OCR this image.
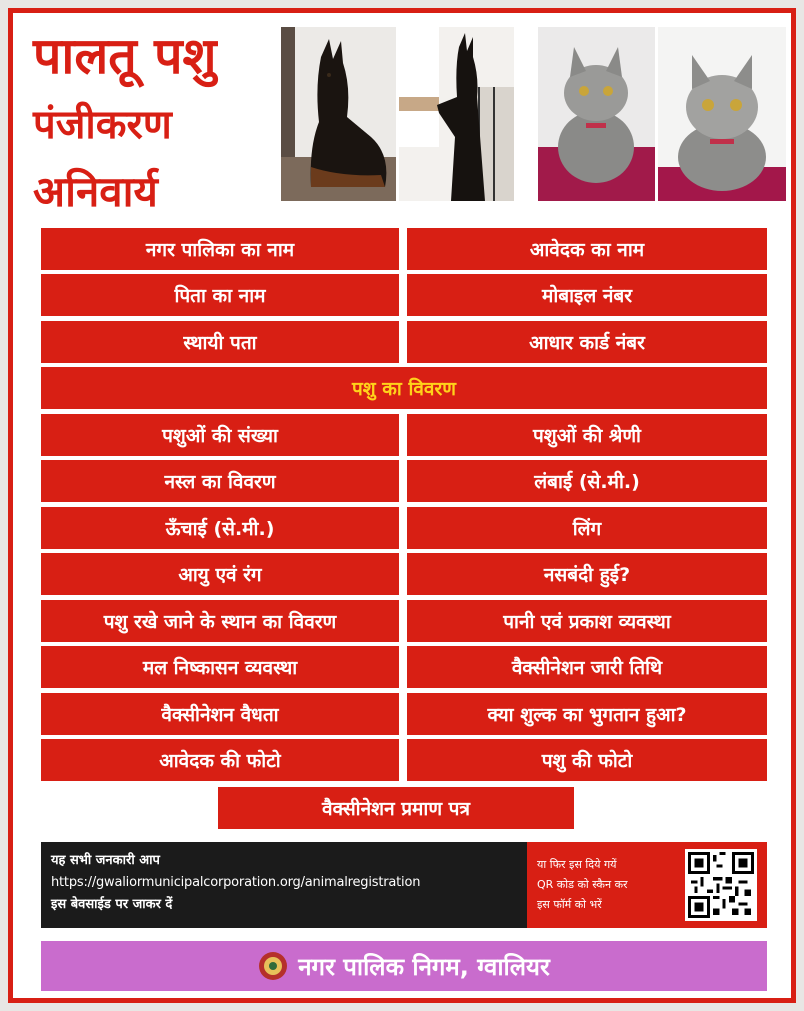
पालतू पशु
पंजीकरण
अनिवार्य
नगर पालिका का नाम	आवेदक का नाम
पिता का नाम	मोबाइल नंबर
स्थायी पता	आधार कार्ड नंबर
पशु का विवरण
पशुओं की संख्या	पशुओं की श्रेणी
नस्ल का विवरण	लंबाई (से.मी.)
ऊँचाई (से.मी.)	लिंग
आयु एवं रंग	नसबंदी हुई?
पशु रखे जाने के स्थान का विवरण	पानी एवं प्रकाश व्यवस्था
मल निष्कासन व्यवस्था	वैक्सीनेशन जारी तिथि
वैक्सीनेशन वैधता	क्या शुल्क का भुगतान हुआ?
आवेदक की फोटो	पशु की फोटो
वैक्सीनेशन प्रमाण पत्र
यह सभी जनकारी आप
https://gwaliormunicipalcorporation.org/animalregistration
इस बेवसाईड पर जाकर दें
या फिर इस दिये गयें
QR कोड को स्कैन कर
इस फॉर्म को भरें
नगर पालिक निगम, ग्वालियर
